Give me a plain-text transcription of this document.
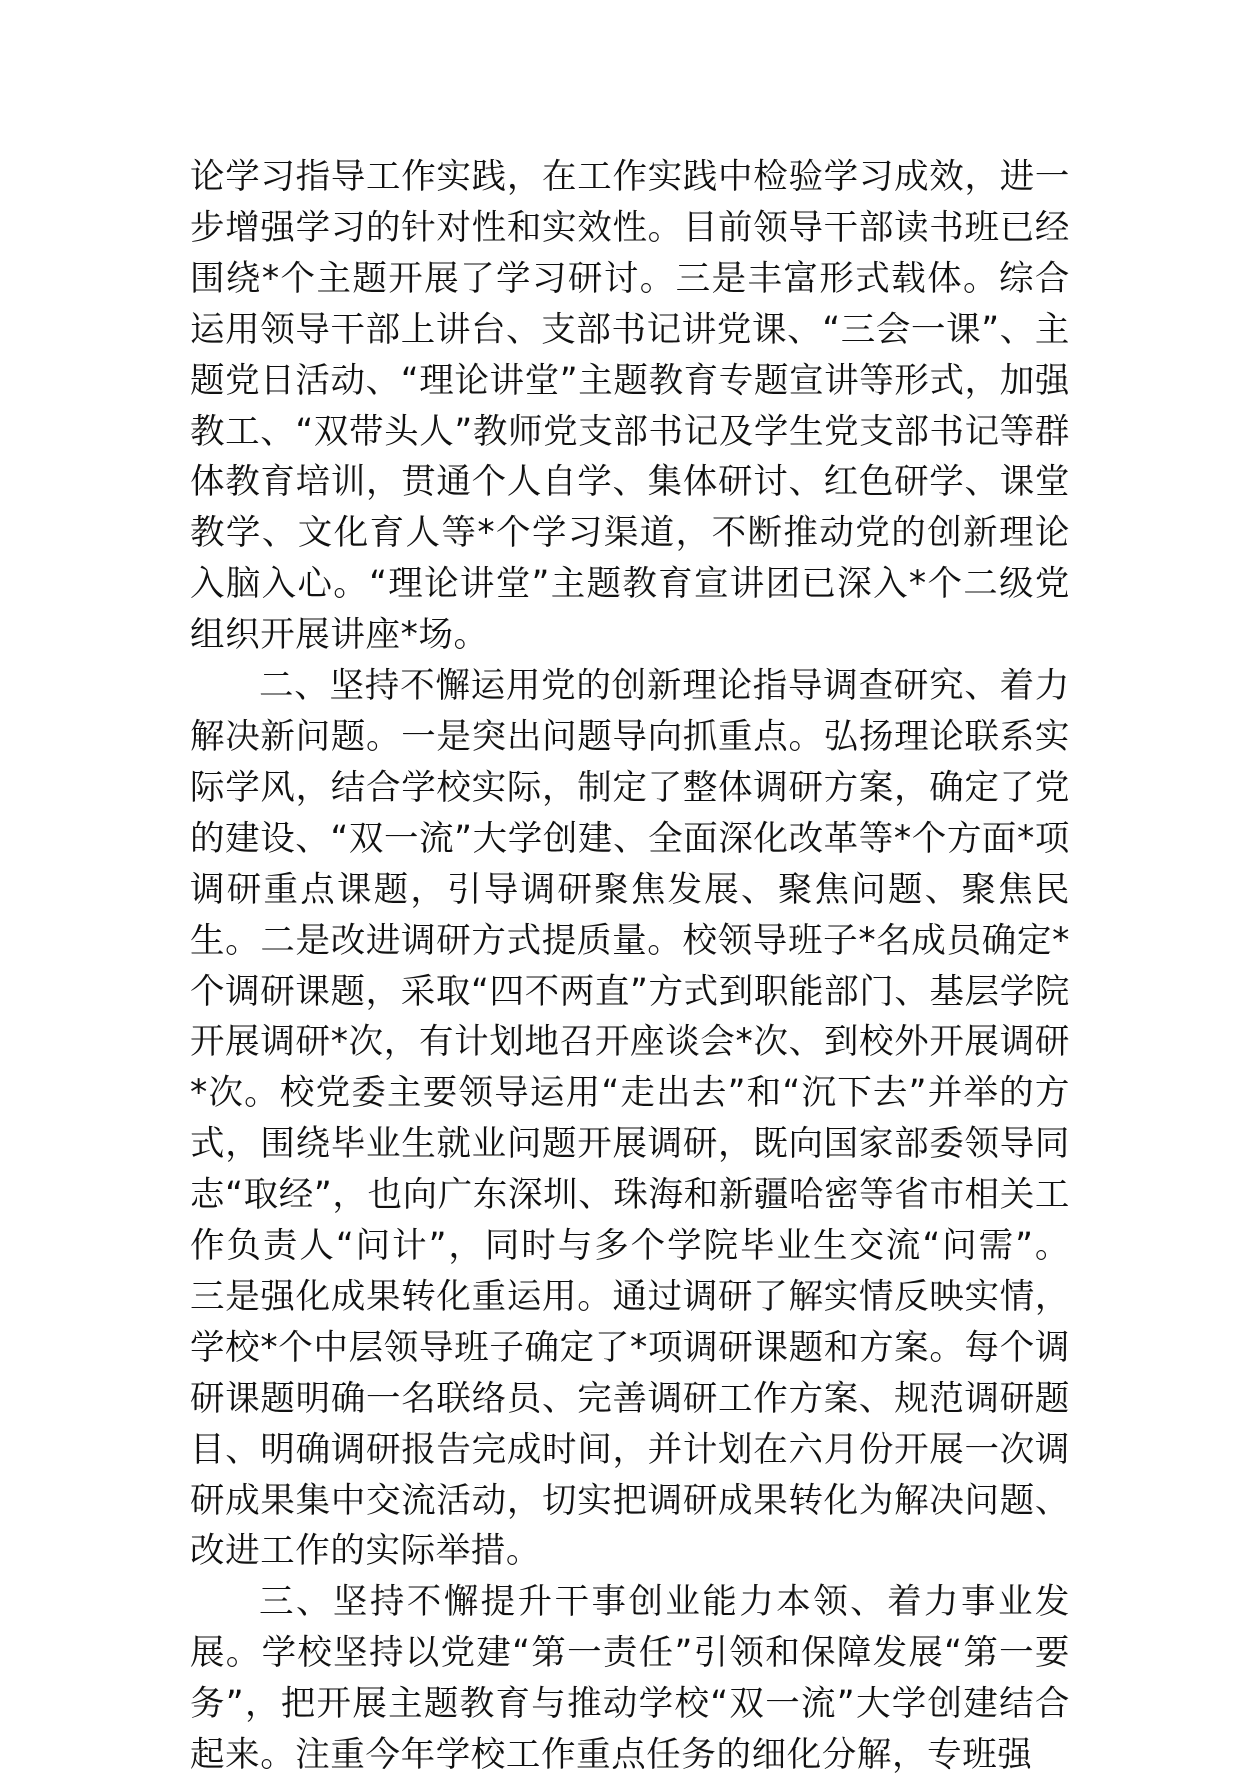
论学习指导工作实践，在工作实践中检验学习成效，进一步增强学习的针对性和实效性。目前领导干部读书班已经围绕*个主题开展了学习研讨。三是丰富形式载体。综合运用领导干部上讲台、支部书记讲党课、“三会一课”、主题党日活动、“理论讲堂”主题教育专题宣讲等形式，加强教工、“双带头人”教师党支部书记及学生党支部书记等群体教育培训，贯通个人自学、集体研讨、红色研学、课堂教学、文化育人等*个学习渠道，不断推动党的创新理论入脑入心。“理论讲堂”主题教育宣讲团已深入*个二级党组织开展讲座*场。

二、坚持不懈运用党的创新理论指导调查研究、着力解决新问题。一是突出问题导向抓重点。弘扬理论联系实际学风，结合学校实际，制定了整体调研方案，确定了党的建设、“双一流”大学创建、全面深化改革等*个方面*项调研重点课题，引导调研聚焦发展、聚焦问题、聚焦民生。二是改进调研方式提质量。校领导班子*名成员确定*个调研课题，采取“四不两直”方式到职能部门、基层学院开展调研*次，有计划地召开座谈会*次、到校外开展调研*次。校党委主要领导运用“走出去”和“沉下去”并举的方式，围绕毕业生就业问题开展调研，既向国家部委领导同志“取经”，也向广东深圳、珠海和新疆哈密等省市相关工作负责人“问计”，同时与多个学院毕业生交流“问需”。三是强化成果转化重运用。通过调研了解实情反映实情，学校*个中层领导班子确定了*项调研课题和方案。每个调研课题明确一名联络员、完善调研工作方案、规范调研题目、明确调研报告完成时间，并计划在六月份开展一次调研成果集中交流活动，切实把调研成果转化为解决问题、改进工作的实际举措。

三、坚持不懈提升干事创业能力本领、着力事业发展。学校坚持以党建“第一责任”引领和保障发展“第一要务”，把开展主题教育与推动学校“双一流”大学创建结合起来。注重今年学校工作重点任务的细化分解，专班强
